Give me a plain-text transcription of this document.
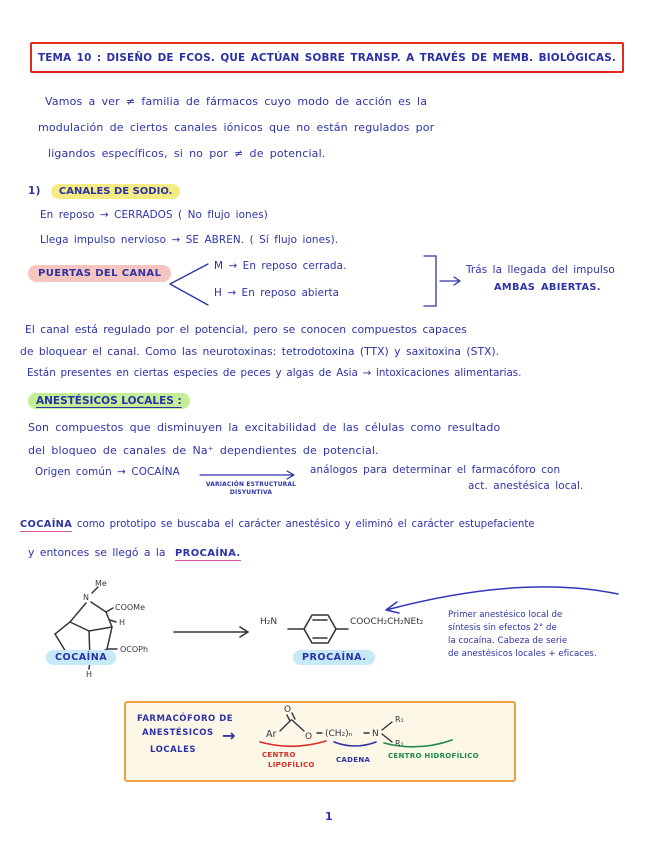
TEMA 10 : DISEÑO DE FCOS. QUE ACTÚAN SOBRE TRANSP. A TRAVÉS DE MEMB. BIOLÓGICAS.
Vamos a ver ≠ familia de fármacos cuyo modo de acción es la
modulación de ciertos canales iónicos que no están regulados por
ligandos específicos, si no por ≠ de potencial.
1) CANALES DE SODIO.
En reposo → CERRADOS ( No flujo iones)
Llega impulso nervioso → SE ABREN. ( Sí flujo iones).
PUERTAS DEL CANAL
M → En reposo cerrada.
H → En reposo abierta
Trás la llegada del impulso
AMBAS ABIERTAS.
El canal está regulado por el potencial, pero se conocen compuestos capaces
de bloquear el canal. Como las neurotoxinas: tetrodotoxina (TTX) y saxitoxina (STX).
Están presentes en ciertas especies de peces y algas de Asia → intoxicaciones alimentarias.
ANESTÉSICOS LOCALES :
Son compuestos que disminuyen la excitabilidad de las células como resultado
del bloqueo de canales de Na⁺ dependientes de potencial.
Origen común → COCAÍNA
VARIACIÓN ESTRUCTURAL
DISYUNTIVA
análogos para determinar el farmacóforo con
act. anestésica local.
COCAÍNA como prototipo se buscaba el carácter anestésico y eliminó el carácter estupefaciente
y entonces se llegó a la PROCAÍNA.
Me
N
COOMe
H
OCOPh
H
COCAÍNA
H₂N	COOCH₂CH₂NEt₂
PROCAÍNA.
Primer anestésico local de
síntesis sin efectos 2° de
la cocaína. Cabeza de serie
de anestésicos locales + eficaces.
FARMACÓFORO DE
ANESTÉSICOS
LOCALES
→	Ar
O
O (CH₂)ₙ N
R₁
R₁
CENTRO
LIPOFÍLICO
CADENA	CENTRO HIDROFÍLICO
1
